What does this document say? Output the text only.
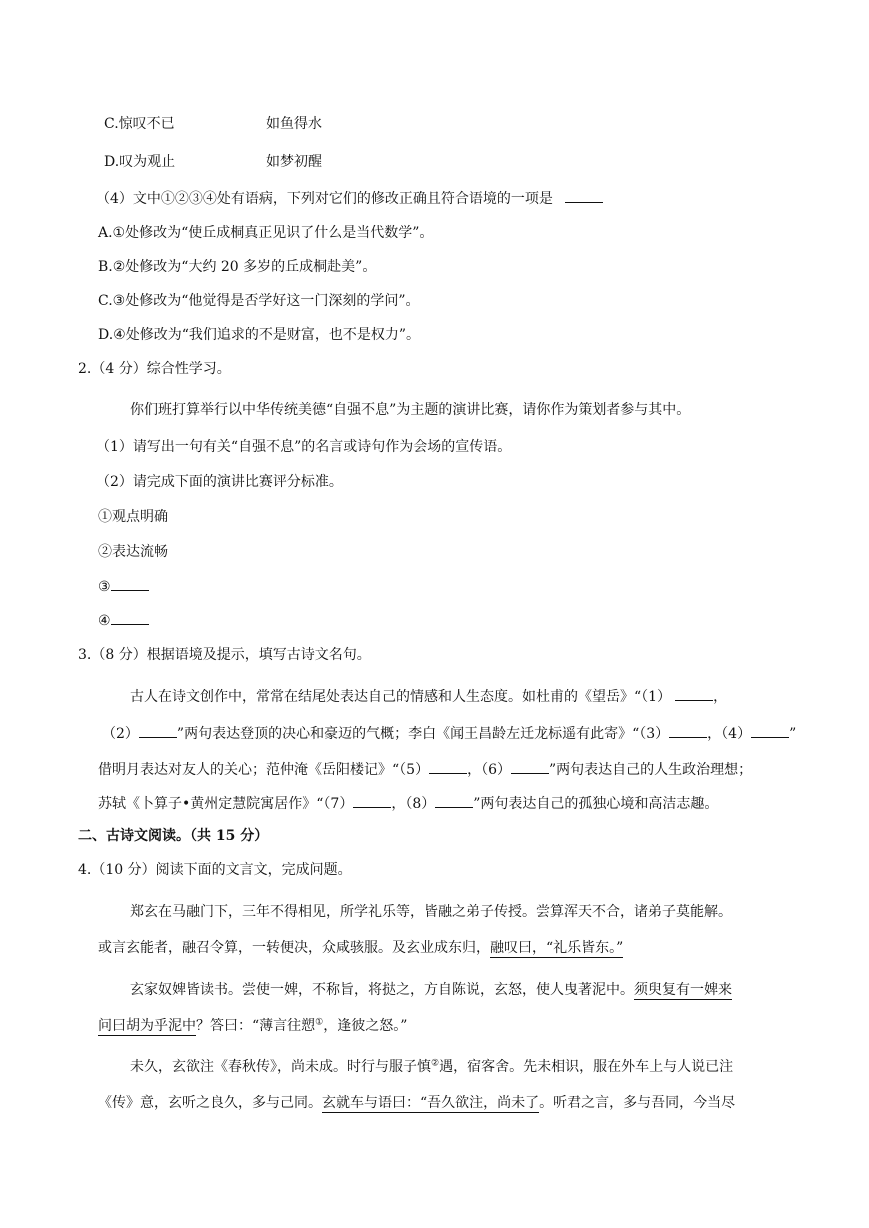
C.惊叹不已	如鱼得水
D.叹为观止	如梦初醒
（4）文中①②③④处有语病，下列对它们的修改正确且符合语境的一项是
A.①处修改为“使丘成桐真正见识了什么是当代数学”。
B.②处修改为“大约 20 多岁的丘成桐赴美”。
C.③处修改为“他觉得是否学好这一门深刻的学问”。
D.④处修改为“我们追求的不是财富，也不是权力”。
2.（4 分）综合性学习。
你们班打算举行以中华传统美德“自强不息”为主题的演讲比赛，请你作为策划者参与其中。
（1）请写出一句有关“自强不息”的名言或诗句作为会场的宣传语。
（2）请完成下面的演讲比赛评分标准。
①观点明确
②表达流畅
③
④
3.（8 分）根据语境及提示，填写古诗文名句。
古人在诗文创作中，常常在结尾处表达自己的情感和人生态度。如杜甫的《望岳》“（1）	，
（2）	”两句表达登顶的决心和豪迈的气概；李白《闻王昌龄左迁龙标遥有此寄》“（3）	，（4）	”
借明月表达对友人的关心；范仲淹《岳阳楼记》“（5）	，（6）	”两句表达自己的人生政治理想；
苏轼《卜算子•黄州定慧院寓居作》“（7）	，（8）	”两句表达自己的孤独心境和高洁志趣。
二、古诗文阅读。（共 15 分）
4.（10 分）阅读下面的文言文，完成问题。
郑玄在马融门下，三年不得相见，所学礼乐等，皆融之弟子传授。尝算浑天不合，诸弟子莫能解。
或言玄能者，融召令算，一转便决，众咸骇服。及玄业成东归，融叹曰，“礼乐皆东。”
玄家奴婢皆读书。尝使一婢，不称旨，将挞之，方自陈说，玄怒，使人曳著泥中。须臾复有一婢来
问曰胡为乎泥中？答曰：“薄言往愬①，逢彼之怒。”
未久，玄欲注《春秋传》，尚未成。时行与服子慎②遇，宿客舍。先未相识，服在外车上与人说已注
《传》意，玄听之良久，多与己同。玄就车与语曰：“吾久欲注，尚未了。听君之言，多与吾同，今当尽
